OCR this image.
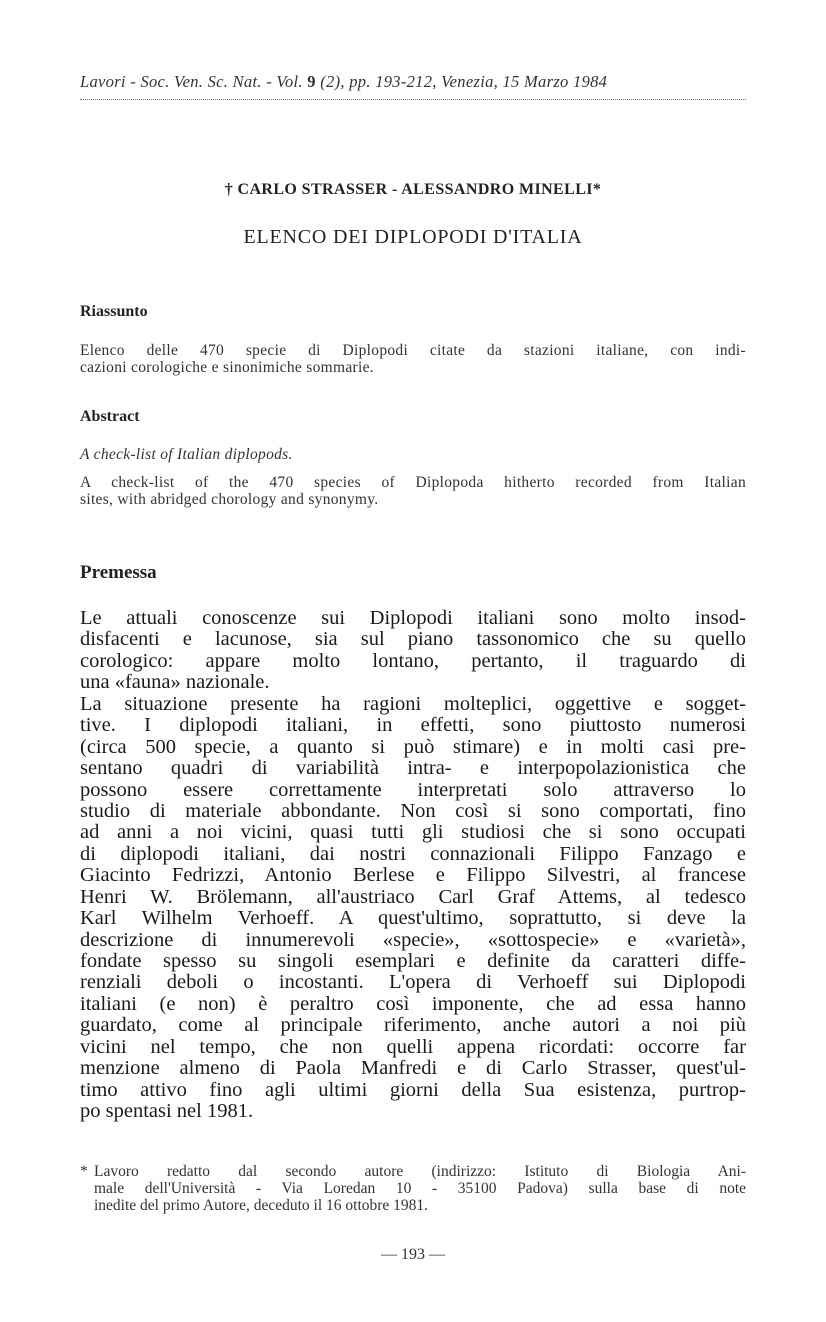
Lavori - Soc. Ven. Sc. Nat. - Vol. 9 (2), pp. 193-212, Venezia, 15 Marzo 1984
† CARLO STRASSER - ALESSANDRO MINELLI*
ELENCO DEI DIPLOPODI D'ITALIA
Riassunto
Elenco delle 470 specie di Diplopodi citate da stazioni italiane, con indi-
cazioni corologiche e sinonimiche sommarie.
Abstract
A check-list of Italian diplopods.
A check-list of the 470 species of Diplopoda hitherto recorded from Italian
sites, with abridged chorology and synonymy.
Premessa
Le attuali conoscenze sui Diplopodi italiani sono molto insod-
disfacenti e lacunose, sia sul piano tassonomico che su quello
corologico: appare molto lontano, pertanto, il traguardo di
una «fauna» nazionale.
La situazione presente ha ragioni molteplici, oggettive e sogget-
tive. I diplopodi italiani, in effetti, sono piuttosto numerosi
(circa 500 specie, a quanto si può stimare) e in molti casi pre-
sentano quadri di variabilità intra- e interpopolazionistica che
possono essere correttamente interpretati solo attraverso lo
studio di materiale abbondante. Non così si sono comportati, fino
ad anni a noi vicini, quasi tutti gli studiosi che si sono occupati
di diplopodi italiani, dai nostri connazionali Filippo Fanzago e
Giacinto Fedrizzi, Antonio Berlese e Filippo Silvestri, al francese
Henri W. Brölemann, all'austriaco Carl Graf Attems, al tedesco
Karl Wilhelm Verhoeff. A quest'ultimo, soprattutto, si deve la
descrizione di innumerevoli «specie», «sottospecie» e «varietà»,
fondate spesso su singoli esemplari e definite da caratteri diffe-
renziali deboli o incostanti. L'opera di Verhoeff sui Diplopodi
italiani (e non) è peraltro così imponente, che ad essa hanno
guardato, come al principale riferimento, anche autori a noi più
vicini nel tempo, che non quelli appena ricordati: occorre far
menzione almeno di Paola Manfredi e di Carlo Strasser, quest'ul-
timo attivo fino agli ultimi giorni della Sua esistenza, purtrop-
po spentasi nel 1981.
* Lavoro redatto dal secondo autore (indirizzo: Istituto di Biologia Ani-
male dell'Università - Via Loredan 10 - 35100 Padova) sulla base di note
inedite del primo Autore, deceduto il 16 ottobre 1981.
— 193 —
